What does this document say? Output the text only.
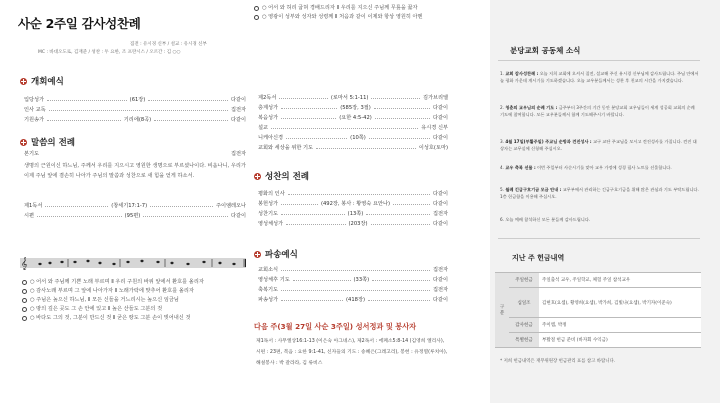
사순 2주일 감사성찬례
집전 : 유시경 신부 / 설교 : 유시경 신부
MC : 바대오도로, 김재준 / 성찬 : 두 요한, 조 프란시스 / 오르간 : 김 ○○
개회예식
입당성가	(61장)	다같이
인사 교독	집전자
기원송가	기리에(8곡)	다같이
말씀의 전례
본기도	집전자
생명의 근원이신 하느님, 주께서 우리를 지으시고 영원한 생명으로 부르셨나이다. 비옵나니, 우리가 이제 주님 앞에 겸손히 나아가 주님의 말씀과 성찬으로 새 힘을 얻게 하소서.
제1독서	(창세기17:1-7)	주이엠레오나
시편	(95편)	다같이
𝄞
○ 어서 와 주님께 기쁜 노래 부르며 Ⅱ 우리 구원의 바위 앞에서 환호를 올리자
○ 감사노래 부르며 그 앞에 나아가자 Ⅱ 노래가락에 맞추어 환호를 올리자
○ 주님은 높으신 하느님, Ⅱ 모든 신들을 거느리시는 높으신 임금님
○ 땅의 깊은 곳도 그 손 안에 있고 Ⅱ 높은 산들도 그분의 것
○ 바다도 그의 것, 그분이 만드신 것 Ⅱ 굳은 땅도 그분 손이 빚어내신 것
○ 어서 와 허리 굽혀 경배드리자 Ⅱ 우리를 지으신 주님께 무릎을 꿇자
○ 영광이 성부와 성자와 성령께 Ⅱ 처음과 같이 이제와 항상 영원히 아멘
제2독서	(로마서 5:1-11)	김가브리엘
층계성가	(585장, 3절)	다같이
복음성가	(요한 4:5-42)	다같이
설교	유시경 신부
니케아신경	(10쪽)	다같이
교회와 세상을 위한 기도	이성호(토마)
성찬의 전례
평화의 인사	다같이
봉헌성가	(492장, 봉사 : 황영숙 요안나)	다같이
성찬기도	(13쪽)	집전자
영성체성가	(203장)	다같이
파송예식
교회소식	집전자
영성체후 기도	(33쪽)	다같이
축복기도	집전자
파송성가	(418장)	다같이
다음 주(3월 27일 사순 3주일) 성서정과 및 봉사자
제1독서 : 사무엘상16:1-13 (이은숙 아그네스), 제2독서 : 에페소5:8-14 (김영희 엘리사),
시편 : 23편, 복음 : 요한 9:1-41, 신자들의 기도 : 송혜은(그레고리), 봉헌 : 유정열(루치아),
해설봉사 : 박 갈라라, 김 류비스
분당교회 공동체 소식
1. 교회 감사성찬례 : 오늘 저희 교회에 오셔서 집전, 설교해 주신 유시경 신부님께 감사드립니다. 주님 안에서 늘 평화 가운데 계시기를 기도하겠습니다. 오늘 교우분들께서는 성찬 후 친교의 시간을 가지겠습니다.
2. 청춘의 교우님의 순례 기도 : 금주부터 3주간의 기간 동안 분당교회 교우님들이 세계 성공회 교회의 순례 기도에 참여합니다. 모든 교우분들께서 함께 기도해주시기 바랍니다.
3. 4월 17일(부활주일) 주교님 순방과 견진성사 : 교구 교단 주교님을 모시고 견진성사를 가집니다. 견진 대상자는 교무실에 신청해 주십시오.
4. 교우 축복 선물 : 이번 주일부터 사순시기를 맞아 교우 가정에 성경 필사 노트를 선물합니다.
5. 월례 긴급구호기금 모금 안내 : 교무부에서 관리하는 긴급구호기금을 위해 많은 관심과 기도 부탁드립니다. 1층 헌금함을 이용해 주십시오.
6. 오늘 예배 참석하신 모든 분들께 감사드립니다.
지난 주 헌금내역
구분	주일헌금	주일출석 교우, 주일학교, 체험 주일 참석교우
	십일조	김현호(요셉), 황영희(요셉), 박가희, 김빛나(요셉), 박기자(이준숙)
	감사헌금	주이엠, 박정
	특별헌금	부활절 헌금 준비 (바자회 수익금)
* 저희 헌금내역은 재무위원장 헌금관리 표를 참고 바랍니다.
